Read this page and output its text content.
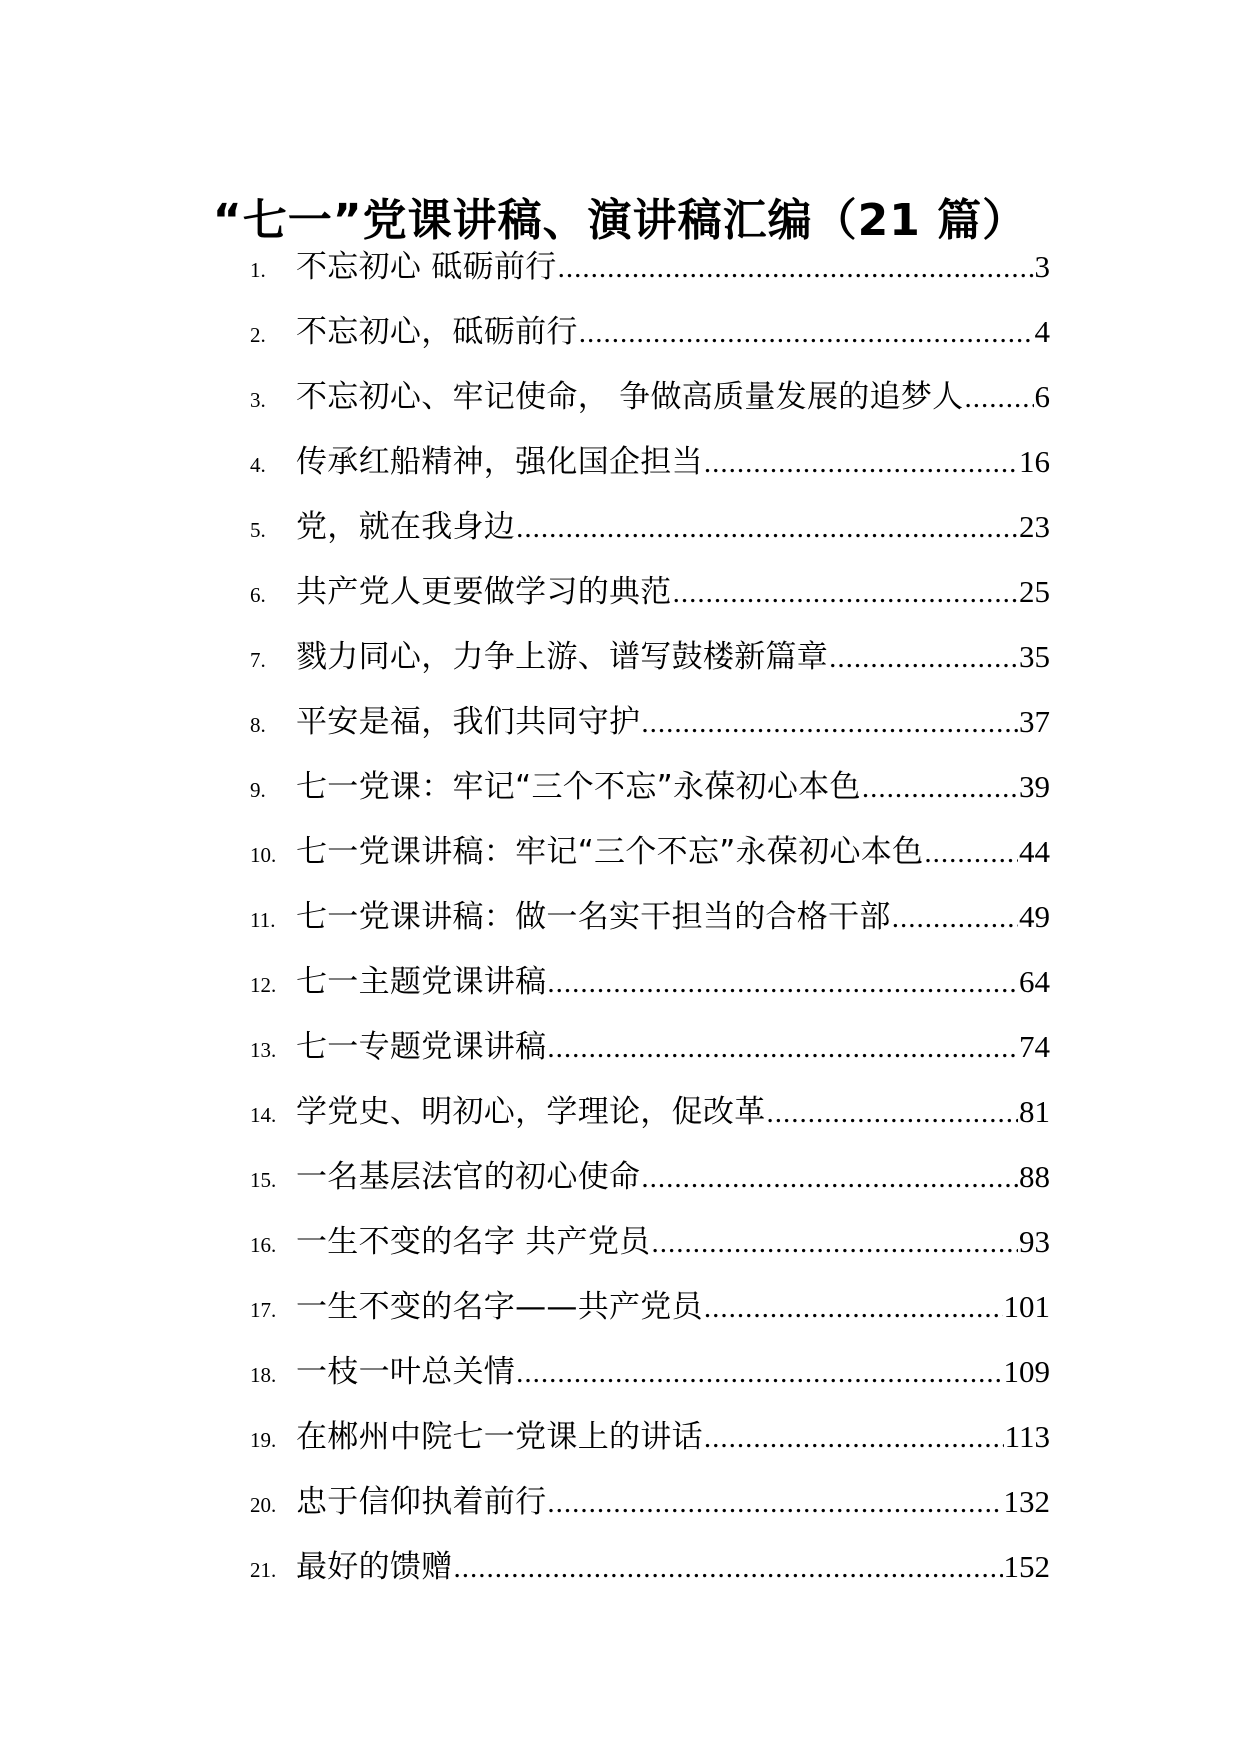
“七一”党课讲稿、演讲稿汇编（21 篇）
1. 不忘初心 砥砺前行 .....	3
2. 不忘初心，砥砺前行 .....	4
3. 不忘初心、牢记使命， 争做高质量发展的追梦人 ..... 6
4. 传承红船精神，强化国企担当 .....	16
5. 党，就在我身边 .....	23
6. 共产党人更要做学习的典范 .....	25
7. 戮力同心，力争上游、谱写鼓楼新篇章 .....	35
8. 平安是福，我们共同守护 .....	37
9. 七一党课：牢记“三个不忘”永葆初心本色 .....	39
10. 七一党课讲稿：牢记“三个不忘”永葆初心本色 .....	44
11. 七一党课讲稿：做一名实干担当的合格干部 .....	49
12. 七一主题党课讲稿 .....	64
13. 七一专题党课讲稿 .....	74
14. 学党史、明初心，学理论，促改革 .....	81
15. 一名基层法官的初心使命 .....	88
16. 一生不变的名字 共产党员 .....	93
17. 一生不变的名字——共产党员 .....	101
18. 一枝一叶总关情 .....	109
19. 在郴州中院七一党课上的讲话 .....	113
20. 忠于信仰执着前行 .....	132
21. 最好的馈赠 .....	152
